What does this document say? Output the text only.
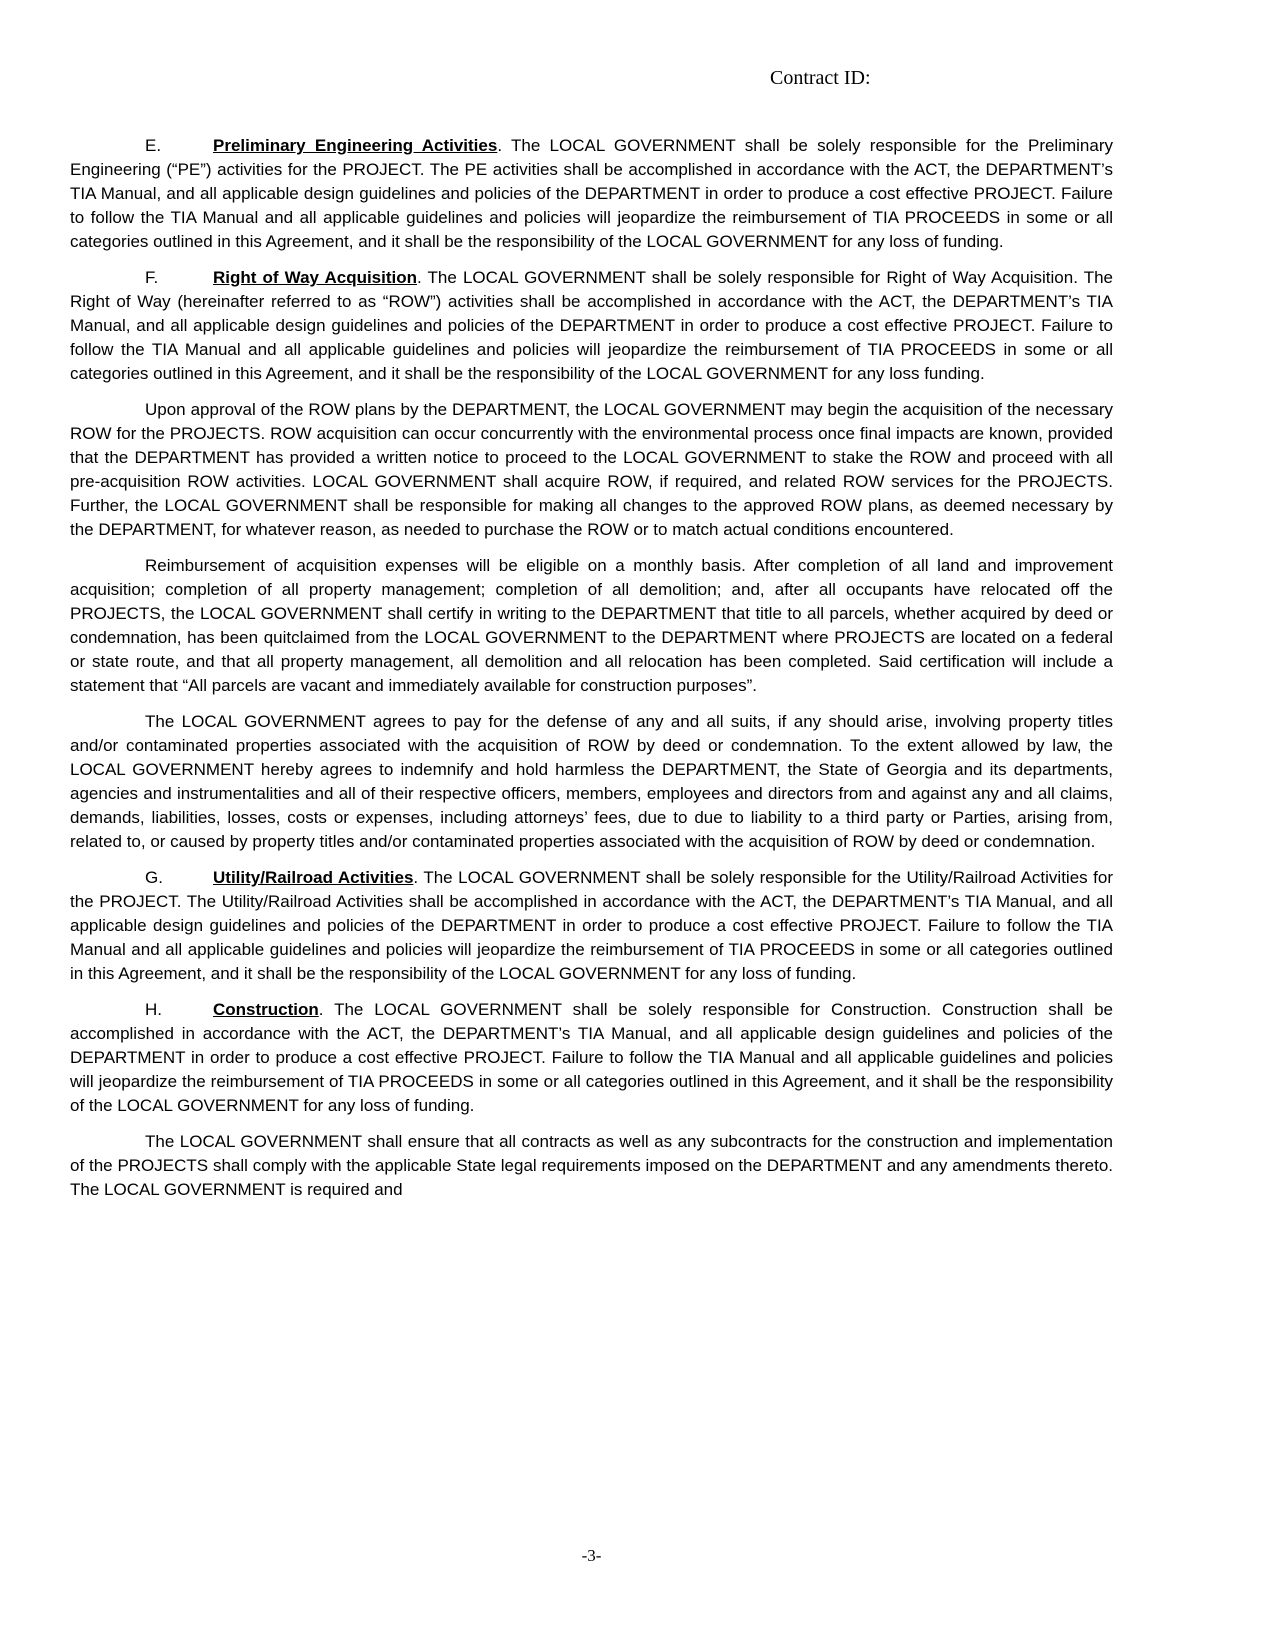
Contract ID:

E.	Preliminary Engineering Activities. The LOCAL GOVERNMENT shall be solely responsible for the Preliminary Engineering (“PE”) activities for the PROJECT. The PE activities shall be accomplished in accordance with the ACT, the DEPARTMENT’s TIA Manual, and all applicable design guidelines and policies of the DEPARTMENT in order to produce a cost effective PROJECT. Failure to follow the TIA Manual and all applicable guidelines and policies will jeopardize the reimbursement of TIA PROCEEDS in some or all categories outlined in this Agreement, and it shall be the responsibility of the LOCAL GOVERNMENT for any loss of funding.

F.	Right of Way Acquisition. The LOCAL GOVERNMENT shall be solely responsible for Right of Way Acquisition. The Right of Way (hereinafter referred to as “ROW”) activities shall be accomplished in accordance with the ACT, the DEPARTMENT’s TIA Manual, and all applicable design guidelines and policies of the DEPARTMENT in order to produce a cost effective PROJECT. Failure to follow the TIA Manual and all applicable guidelines and policies will jeopardize the reimbursement of TIA PROCEEDS in some or all categories outlined in this Agreement, and it shall be the responsibility of the LOCAL GOVERNMENT for any loss funding.

Upon approval of the ROW plans by the DEPARTMENT, the LOCAL GOVERNMENT may begin the acquisition of the necessary ROW for the PROJECTS. ROW acquisition can occur concurrently with the environmental process once final impacts are known, provided that the DEPARTMENT has provided a written notice to proceed to the LOCAL GOVERNMENT to stake the ROW and proceed with all pre-acquisition ROW activities. LOCAL GOVERNMENT shall acquire ROW, if required, and related ROW services for the PROJECTS. Further, the LOCAL GOVERNMENT shall be responsible for making all changes to the approved ROW plans, as deemed necessary by the DEPARTMENT, for whatever reason, as needed to purchase the ROW or to match actual conditions encountered.

Reimbursement of acquisition expenses will be eligible on a monthly basis. After completion of all land and improvement acquisition; completion of all property management; completion of all demolition; and, after all occupants have relocated off the PROJECTS, the LOCAL GOVERNMENT shall certify in writing to the DEPARTMENT that title to all parcels, whether acquired by deed or condemnation, has been quitclaimed from the LOCAL GOVERNMENT to the DEPARTMENT where PROJECTS are located on a federal or state route, and that all property management, all demolition and all relocation has been completed. Said certification will include a statement that “All parcels are vacant and immediately available for construction purposes”.

The LOCAL GOVERNMENT agrees to pay for the defense of any and all suits, if any should arise, involving property titles and/or contaminated properties associated with the acquisition of ROW by deed or condemnation. To the extent allowed by law, the LOCAL GOVERNMENT hereby agrees to indemnify and hold harmless the DEPARTMENT, the State of Georgia and its departments, agencies and instrumentalities and all of their respective officers, members, employees and directors from and against any and all claims, demands, liabilities, losses, costs or expenses, including attorneys’ fees, due to due to liability to a third party or Parties, arising from, related to, or caused by property titles and/or contaminated properties associated with the acquisition of ROW by deed or condemnation.

G.	Utility/Railroad Activities. The LOCAL GOVERNMENT shall be solely responsible for the Utility/Railroad Activities for the PROJECT. The Utility/Railroad Activities shall be accomplished in accordance with the ACT, the DEPARTMENT’s TIA Manual, and all applicable design guidelines and policies of the DEPARTMENT in order to produce a cost effective PROJECT. Failure to follow the TIA Manual and all applicable guidelines and policies will jeopardize the reimbursement of TIA PROCEEDS in some or all categories outlined in this Agreement, and it shall be the responsibility of the LOCAL GOVERNMENT for any loss of funding.

H.	Construction. The LOCAL GOVERNMENT shall be solely responsible for Construction. Construction shall be accomplished in accordance with the ACT, the DEPARTMENT’s TIA Manual, and all applicable design guidelines and policies of the DEPARTMENT in order to produce a cost effective PROJECT. Failure to follow the TIA Manual and all applicable guidelines and policies will jeopardize the reimbursement of TIA PROCEEDS in some or all categories outlined in this Agreement, and it shall be the responsibility of the LOCAL GOVERNMENT for any loss of funding.

The LOCAL GOVERNMENT shall ensure that all contracts as well as any subcontracts for the construction and implementation of the PROJECTS shall comply with the applicable State legal requirements imposed on the DEPARTMENT and any amendments thereto. The LOCAL GOVERNMENT is required and

-3-
